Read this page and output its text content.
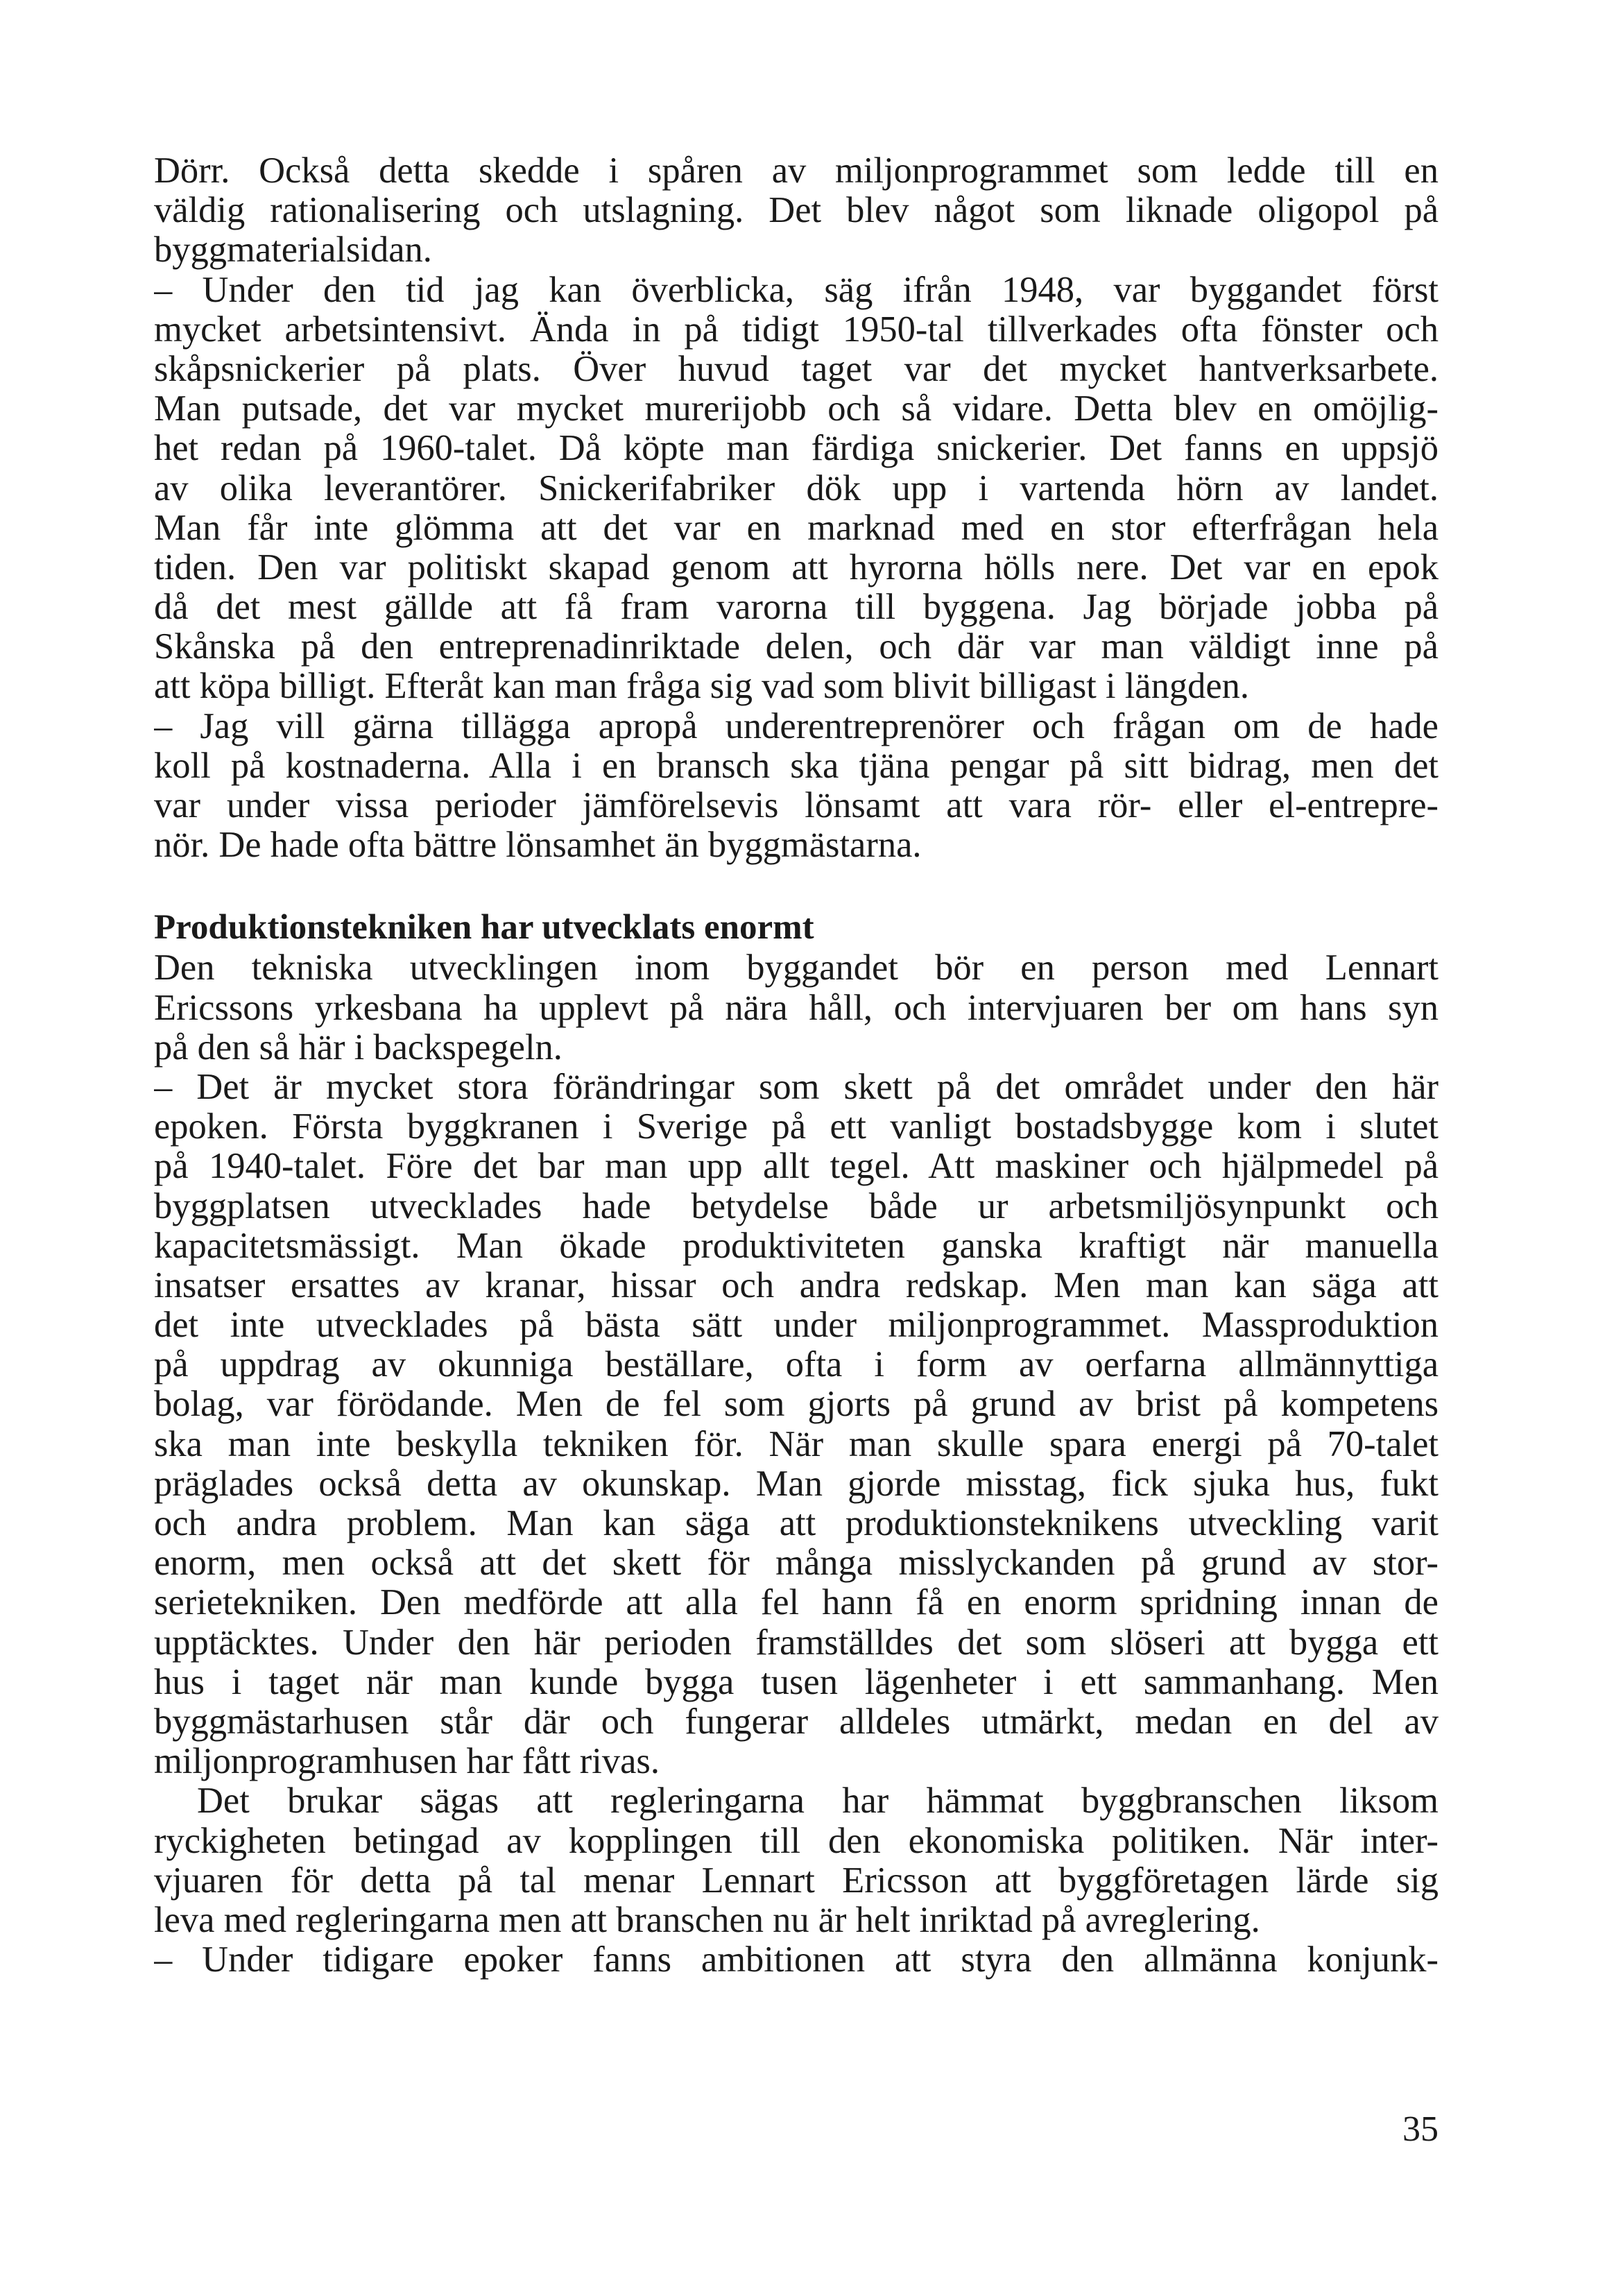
Dörr. Också detta skedde i spåren av miljonprogrammet som ledde till en
väldig rationalisering och utslagning. Det blev något som liknade oligopol på
byggmaterialsidan.
– Under den tid jag kan överblicka, säg ifrån 1948, var byggandet först
mycket arbetsintensivt. Ända in på tidigt 1950-tal tillverkades ofta fönster och
skåpsnickerier på plats. Över huvud taget var det mycket hantverksarbete.
Man putsade, det var mycket murerijobb och så vidare. Detta blev en omöjlig-
het redan på 1960-talet. Då köpte man färdiga snickerier. Det fanns en uppsjö
av olika leverantörer. Snickerifabriker dök upp i vartenda hörn av landet.
Man får inte glömma att det var en marknad med en stor efterfrågan hela
tiden. Den var politiskt skapad genom att hyrorna hölls nere. Det var en epok
då det mest gällde att få fram varorna till byggena. Jag började jobba på
Skånska på den entreprenadinriktade delen, och där var man väldigt inne på
att köpa billigt. Efteråt kan man fråga sig vad som blivit billigast i längden.
– Jag vill gärna tillägga apropå underentreprenörer och frågan om de hade
koll på kostnaderna. Alla i en bransch ska tjäna pengar på sitt bidrag, men det
var under vissa perioder jämförelsevis lönsamt att vara rör- eller el-entrepre-
nör. De hade ofta bättre lönsamhet än byggmästarna.
Produktionstekniken har utvecklats enormt
Den tekniska utvecklingen inom byggandet bör en person med Lennart
Ericssons yrkesbana ha upplevt på nära håll, och intervjuaren ber om hans syn
på den så här i backspegeln.
– Det är mycket stora förändringar som skett på det området under den här
epoken. Första byggkranen i Sverige på ett vanligt bostadsbygge kom i slutet
på 1940-talet. Före det bar man upp allt tegel. Att maskiner och hjälpmedel på
byggplatsen utvecklades hade betydelse både ur arbetsmiljösynpunkt och
kapacitetsmässigt. Man ökade produktiviteten ganska kraftigt när manuella
insatser ersattes av kranar, hissar och andra redskap. Men man kan säga att
det inte utvecklades på bästa sätt under miljonprogrammet. Massproduktion
på uppdrag av okunniga beställare, ofta i form av oerfarna allmännyttiga
bolag, var förödande. Men de fel som gjorts på grund av brist på kompetens
ska man inte beskylla tekniken för. När man skulle spara energi på 70-talet
präglades också detta av okunskap. Man gjorde misstag, fick sjuka hus, fukt
och andra problem. Man kan säga att produktionsteknikens utveckling varit
enorm, men också att det skett för många misslyckanden på grund av stor-
serietekniken. Den medförde att alla fel hann få en enorm spridning innan de
upptäcktes. Under den här perioden framställdes det som slöseri att bygga ett
hus i taget när man kunde bygga tusen lägenheter i ett sammanhang. Men
byggmästarhusen står där och fungerar alldeles utmärkt, medan en del av
miljonprogramhusen har fått rivas.
Det brukar sägas att regleringarna har hämmat byggbranschen liksom
ryckigheten betingad av kopplingen till den ekonomiska politiken. När inter-
vjuaren för detta på tal menar Lennart Ericsson att byggföretagen lärde sig
leva med regleringarna men att branschen nu är helt inriktad på avreglering.
– Under tidigare epoker fanns ambitionen att styra den allmänna konjunk-
35
